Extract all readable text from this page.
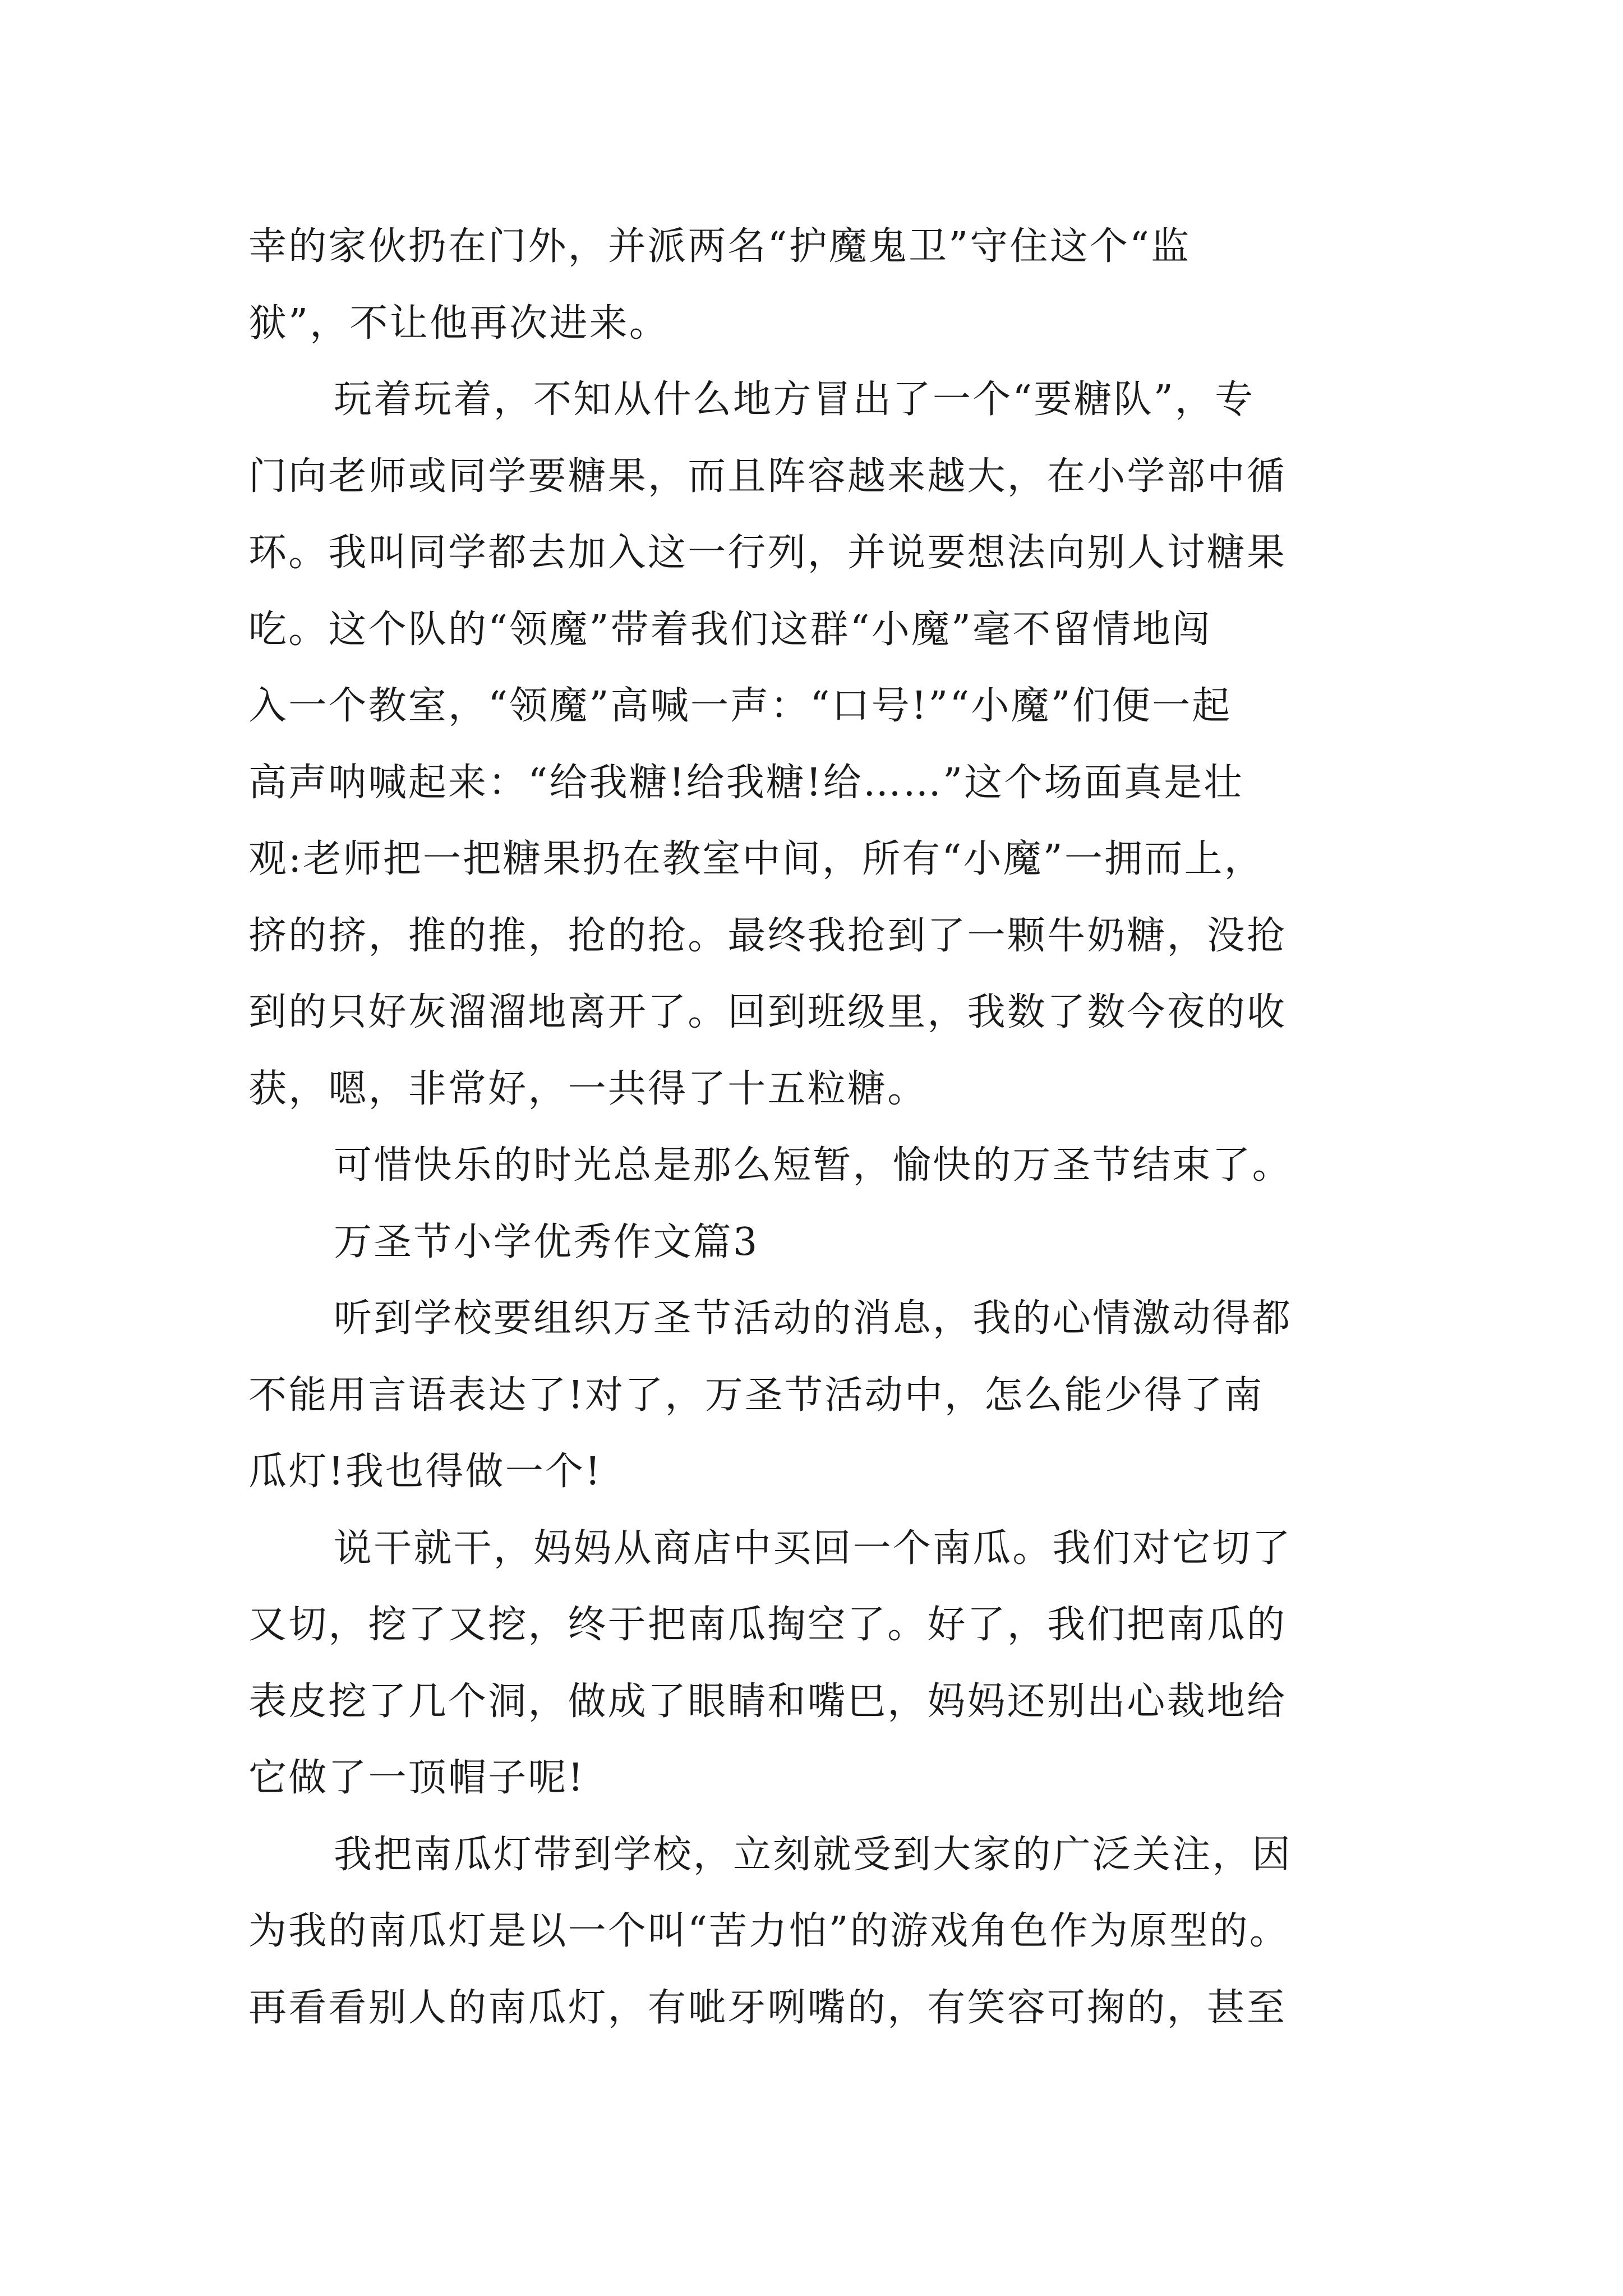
幸的家伙扔在门外，并派两名“护魔鬼卫”守住这个“监
狱”，不让他再次进来。
玩着玩着，不知从什么地方冒出了一个“要糖队”，专
门向老师或同学要糖果，而且阵容越来越大，在小学部中循
环。我叫同学都去加入这一行列，并说要想法向别人讨糖果
吃。这个队的“领魔”带着我们这群“小魔”毫不留情地闯
入一个教室，“领魔”高喊一声：“口号!”“小魔”们便一起
高声呐喊起来：“给我糖!给我糖!给……”这个场面真是壮
观:老师把一把糖果扔在教室中间，所有“小魔”一拥而上，
挤的挤，推的推，抢的抢。最终我抢到了一颗牛奶糖，没抢
到的只好灰溜溜地离开了。回到班级里，我数了数今夜的收
获，嗯，非常好，一共得了十五粒糖。
可惜快乐的时光总是那么短暂，愉快的万圣节结束了。
万圣节小学优秀作文篇3
听到学校要组织万圣节活动的消息，我的心情激动得都
不能用言语表达了!对了，万圣节活动中，怎么能少得了南
瓜灯!我也得做一个!
说干就干，妈妈从商店中买回一个南瓜。我们对它切了
又切，挖了又挖，终于把南瓜掏空了。好了，我们把南瓜的
表皮挖了几个洞，做成了眼睛和嘴巴，妈妈还别出心裁地给
它做了一顶帽子呢!
我把南瓜灯带到学校，立刻就受到大家的广泛关注，因
为我的南瓜灯是以一个叫“苦力怕”的游戏角色作为原型的。
再看看别人的南瓜灯，有呲牙咧嘴的，有笑容可掬的，甚至
